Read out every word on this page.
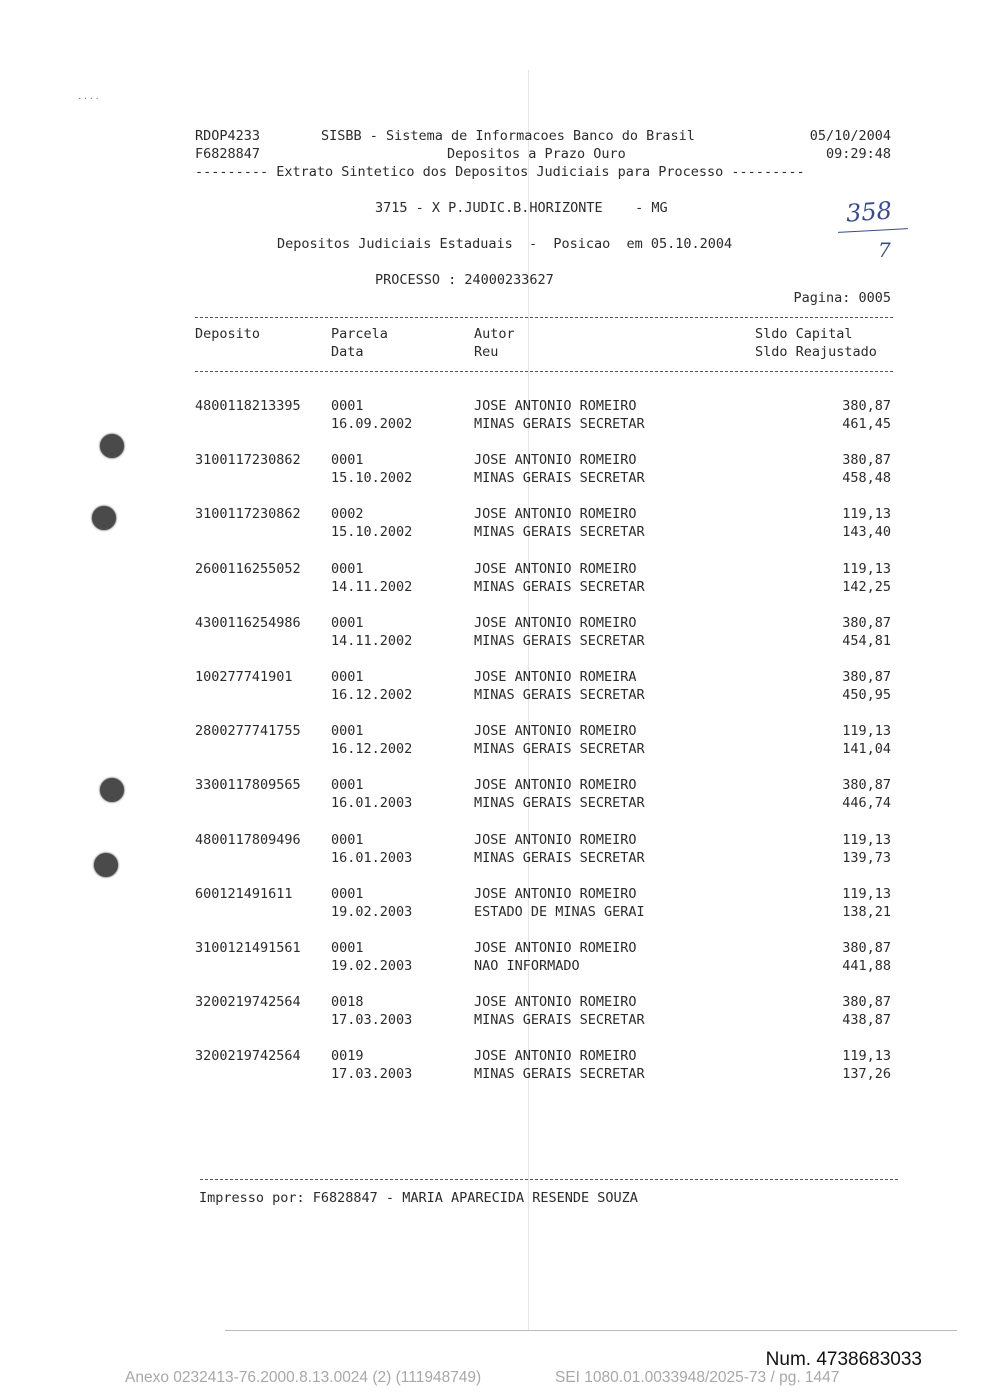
· · · ·
RDOP4233	SISBB - Sistema de Informacoes Banco do Brasil	05/10/2004
F6828847	Depositos a Prazo Ouro	09:29:48
--------- Extrato Sintetico dos Depositos Judiciais para Processo ---------
3715 - X P.JUDIC.B.HORIZONTE    - MG
Depositos Judiciais Estaduais  -  Posicao  em 05.10.2004
PROCESSO : 24000233627
Pagina: 0005
358
7
Deposito	Parcela	Autor	Sldo Capital
Data	Reu	Sldo Reajustado
4800118213395 0001	JOSE ANTONIO ROMEIRO	380,87
16.09.2002	MINAS GERAIS SECRETAR	461,45
3100117230862 0001	JOSE ANTONIO ROMEIRO	380,87
15.10.2002	MINAS GERAIS SECRETAR	458,48
3100117230862 0002	JOSE ANTONIO ROMEIRO	119,13
15.10.2002	MINAS GERAIS SECRETAR	143,40
2600116255052 0001	JOSE ANTONIO ROMEIRO	119,13
14.11.2002	MINAS GERAIS SECRETAR	142,25
4300116254986 0001	JOSE ANTONIO ROMEIRO	380,87
14.11.2002	MINAS GERAIS SECRETAR	454,81
100277741901	0001	JOSE ANTONIO ROMEIRA	380,87
16.12.2002	MINAS GERAIS SECRETAR	450,95
2800277741755 0001	JOSE ANTONIO ROMEIRO	119,13
16.12.2002	MINAS GERAIS SECRETAR	141,04
3300117809565 0001	JOSE ANTONIO ROMEIRO	380,87
16.01.2003	MINAS GERAIS SECRETAR	446,74
4800117809496 0001	JOSE ANTONIO ROMEIRO	119,13
16.01.2003	MINAS GERAIS SECRETAR	139,73
600121491611	0001	JOSE ANTONIO ROMEIRO	119,13
19.02.2003	ESTADO DE MINAS GERAI	138,21
3100121491561 0001	JOSE ANTONIO ROMEIRO	380,87
19.02.2003	NAO INFORMADO	441,88
3200219742564 0018	JOSE ANTONIO ROMEIRO	380,87
17.03.2003	MINAS GERAIS SECRETAR	438,87
3200219742564 0019	JOSE ANTONIO ROMEIRO	119,13
17.03.2003	MINAS GERAIS SECRETAR	137,26
Impresso por: F6828847 - MARIA APARECIDA RESENDE SOUZA
Num. 4738683033
Anexo 0232413-76.2000.8.13.0024 (2) (111948749)	SEI 1080.01.0033948/2025-73 / pg. 1447
